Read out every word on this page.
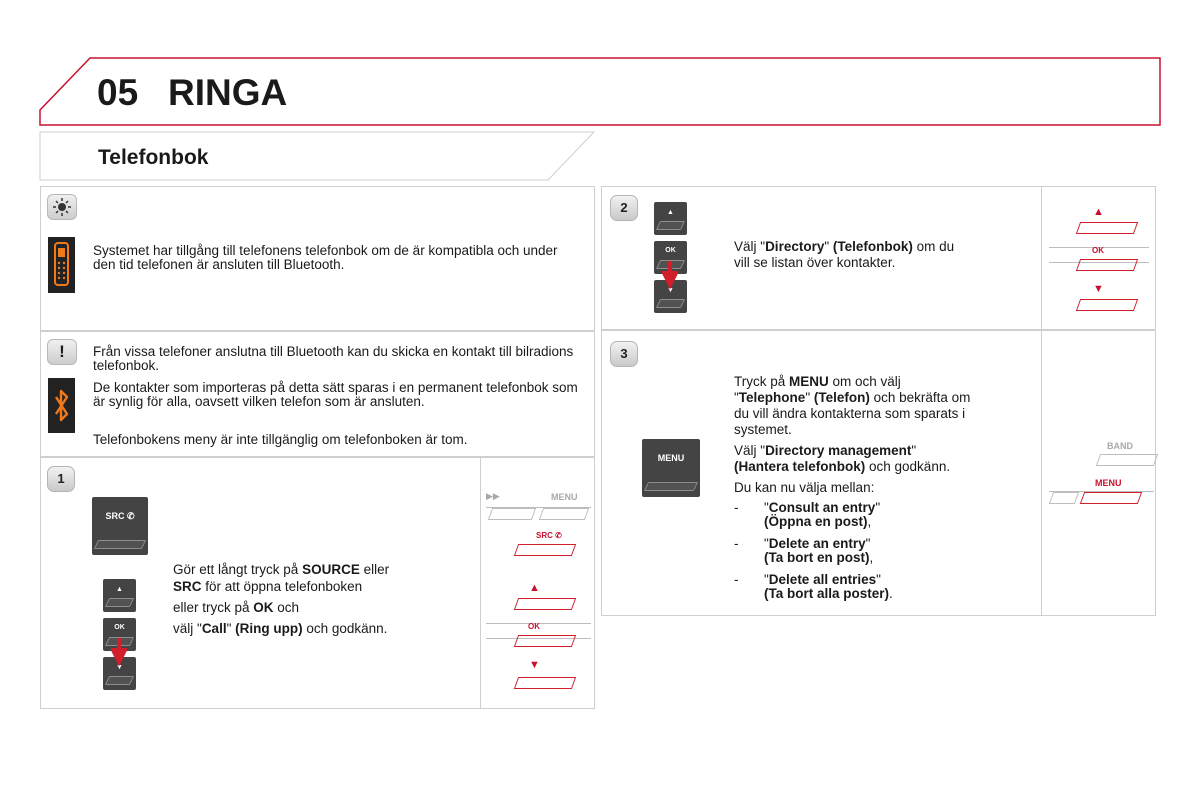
05 RINGA
Telefonbok
Systemet har tillgång till telefonens telefonbok om de är kompatibla och under den tid telefonen är ansluten till Bluetooth.
!	Från vissa telefoner anslutna till Bluetooth kan du skicka en kontakt till bilradions telefonbok.
De kontakter som importeras på detta sätt sparas i en permanent telefonbok som är synlig för alla, oavsett vilken telefon som är ansluten.
Telefonbokens meny är inte tillgänglig om telefonboken är tom.
1
SRC ✆
▲
OK
▼
Gör ett långt tryck på SOURCE eller
SRC för att öppna telefonboken
eller tryck på OK och
välj "Call" (Ring upp) och godkänn.
▶▶	MENU
SRC ✆
▲
OK
▼
2	▲
OK
▼
Välj "Directory" (Telefonbok) om du
vill se listan över kontakter.
▲
OK
▼
3
MENU
Tryck på MENU om och välj
"Telephone" (Telefon) och bekräfta om
du vill ändra kontakterna som sparats i
systemet.
Välj "Directory management"
(Hantera telefonbok) och godkänn.
Du kan nu välja mellan:
- "Consult an entry"
(Öppna en post),
- "Delete an entry"
(Ta bort en post),
- "Delete all entries"
(Ta bort alla poster).
BAND
MENU
